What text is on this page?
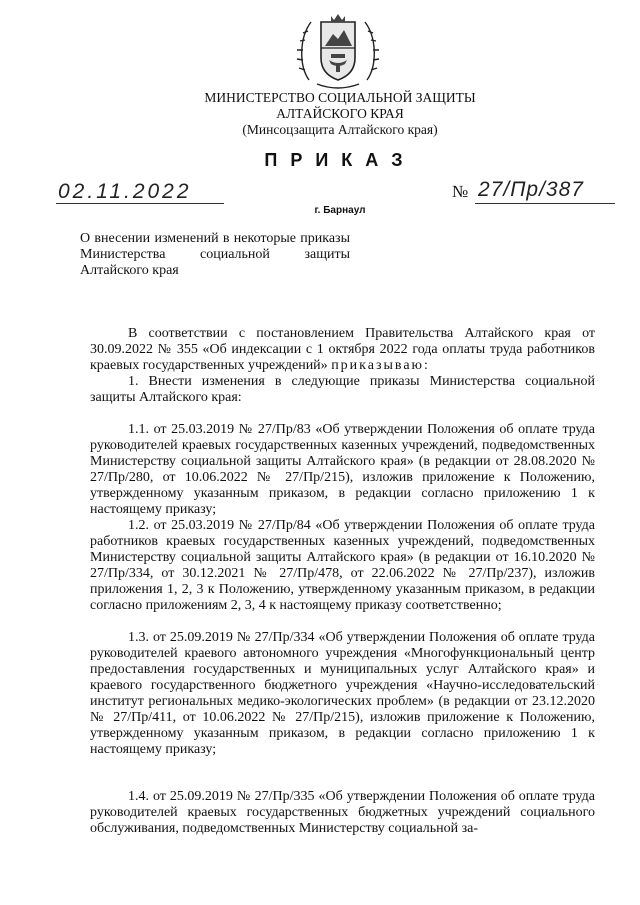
МИНИСТЕРСТВО СОЦИАЛЬНОЙ ЗАЩИТЫ
АЛТАЙСКОГО КРАЯ
(Минсоцзащита Алтайского края)
ПРИКАЗ
02.11.2022	№ 27/Пр/387
г. Барнаул
О внесении изменений в некоторые приказы Министерства социальной защиты Алтайского края

В соответствии с постановлением Правительства Алтайского края от 30.09.2022 № 355 «Об индексации с 1 октября 2022 года оплаты труда работников краевых государственных учреждений» приказываю:

1. Внести изменения в следующие приказы Министерства социальной защиты Алтайского края:

1.1. от 25.03.2019 № 27/Пр/83 «Об утверждении Положения об оплате труда руководителей краевых государственных казенных учреждений, подведомственных Министерству социальной защиты Алтайского края» (в редакции от 28.08.2020 № 27/Пр/280, от 10.06.2022 № 27/Пр/215), изложив приложение к Положению, утвержденному указанным приказом, в редакции согласно приложению 1 к настоящему приказу;

1.2. от 25.03.2019 № 27/Пр/84 «Об утверждении Положения об оплате труда работников краевых государственных казенных учреждений, подведомственных Министерству социальной защиты Алтайского края» (в редакции от 16.10.2020 № 27/Пр/334, от 30.12.2021 № 27/Пр/478, от 22.06.2022 № 27/Пр/237), изложив приложения 1, 2, 3 к Положению, утвержденному указанным приказом, в редакции согласно приложениям 2, 3, 4 к настоящему приказу соответственно;

1.3. от 25.09.2019 № 27/Пр/334 «Об утверждении Положения об оплате труда руководителей краевого автономного учреждения «Многофункциональный центр предоставления государственных и муниципальных услуг Алтайского края» и краевого государственного бюджетного учреждения «Научно-исследовательский институт региональных медико-экологических проблем» (в редакции от 23.12.2020 № 27/Пр/411, от 10.06.2022 № 27/Пр/215), изложив приложение к Положению, утвержденному указанным приказом, в редакции согласно приложению 1 к настоящему приказу;

1.4. от 25.09.2019 № 27/Пр/335 «Об утверждении Положения об оплате труда руководителей краевых государственных бюджетных учреждений социального обслуживания, подведомственных Министерству социальной за-
